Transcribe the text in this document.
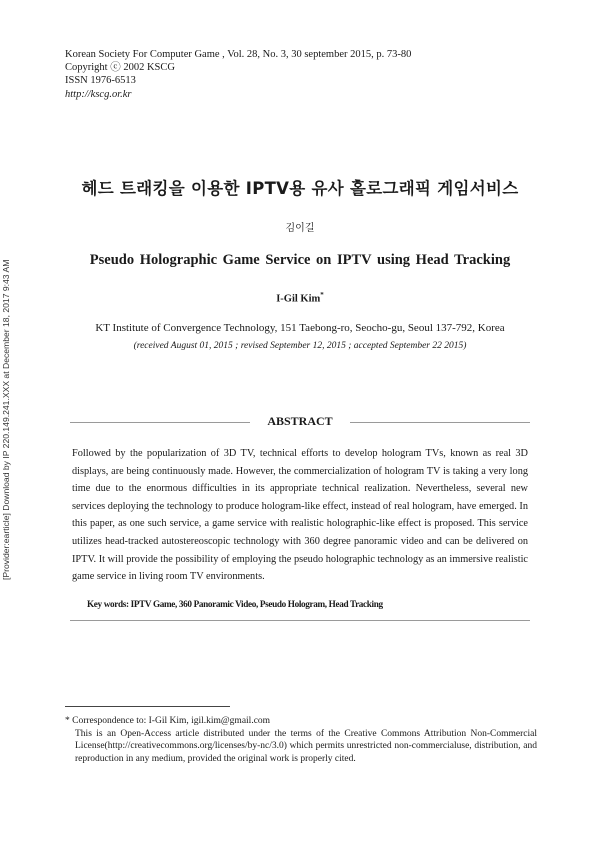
Korean Society For Computer Game , Vol. 28, No. 3, 30 september 2015, p. 73-80
Copyright ⓒ 2002 KSCG
ISSN 1976-6513
http://kscg.or.kr
헤드 트래킹을 이용한 IPTV용 유사 홀로그래픽 게임서비스
김이길
Pseudo Holographic Game Service on IPTV using Head Tracking
I-Gil Kim*
KT Institute of Convergence Technology, 151 Taebong-ro, Seocho-gu, Seoul 137-792, Korea
(received August 01, 2015 ; revised September 12, 2015 ; accepted September 22 2015)
ABSTRACT
Followed by the popularization of 3D TV, technical efforts to develop hologram TVs, known as real 3D displays, are being continuously made. However, the commercialization of hologram TV is taking a very long time due to the enormous difficulties in its appropriate technical realization. Nevertheless, several new services deploying the technology to produce hologram-like effect, instead of real hologram, have emerged. In this paper, as one such service, a game service with realistic holographic-like effect is proposed. This service utilizes head-tracked autostereoscopic technology with 360 degree panoramic video and can be delivered on IPTV. It will provide the possibility of employing the pseudo holographic technology as an immersive realistic game service in living room TV environments.
Key words: IPTV Game, 360 Panoramic Video, Pseudo Hologram, Head Tracking
* Correspondence to: I-Gil Kim, igil.kim@gmail.com
This is an Open-Access article distributed under the terms of the Creative Commons Attribution Non-Commercial License(http://creativecommons.org/licenses/by-nc/3.0) which permits unrestricted non-commercialuse, distribution, and reproduction in any medium, provided the original work is properly cited.
[Provider:earticle] Download by IP 220.149.241.XXX at December 18, 2017 9:43 AM
